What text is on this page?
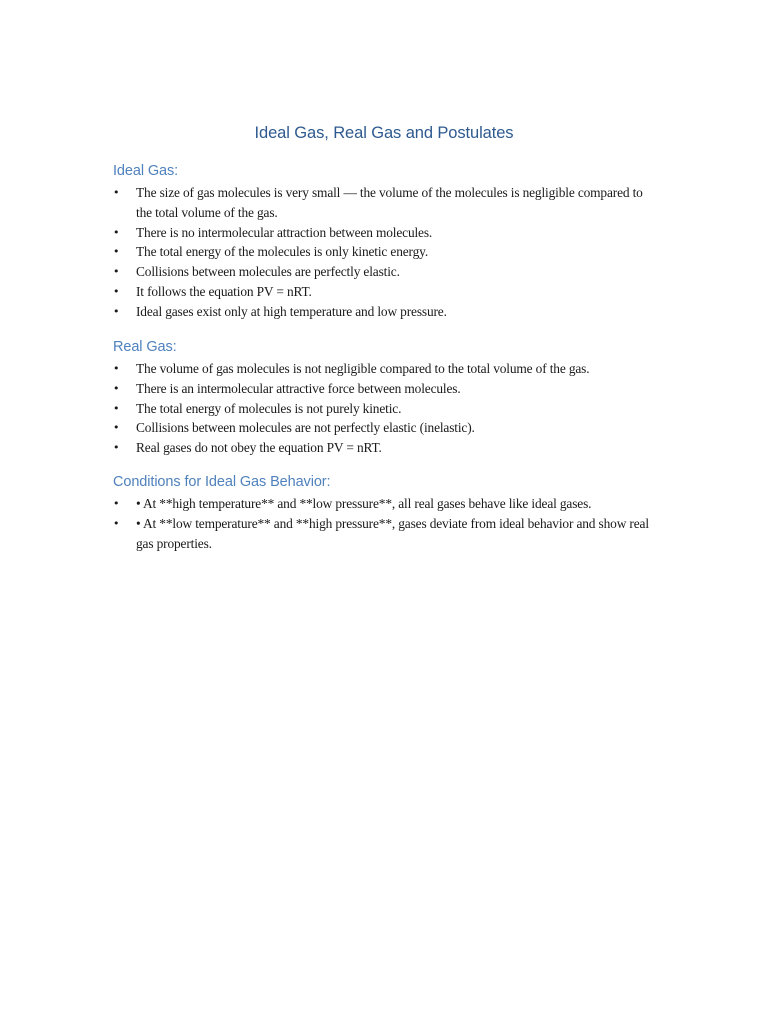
Ideal Gas, Real Gas and Postulates
Ideal Gas:
• The size of gas molecules is very small — the volume of the molecules is negligible compared to the total volume of the gas.
• There is no intermolecular attraction between molecules.
• The total energy of the molecules is only kinetic energy.
• Collisions between molecules are perfectly elastic.
• It follows the equation PV = nRT.
• Ideal gases exist only at high temperature and low pressure.
Real Gas:
• The volume of gas molecules is not negligible compared to the total volume of the gas.
• There is an intermolecular attractive force between molecules.
• The total energy of molecules is not purely kinetic.
• Collisions between molecules are not perfectly elastic (inelastic).
• Real gases do not obey the equation PV = nRT.
Conditions for Ideal Gas Behavior:
• • At **high temperature** and **low pressure**, all real gases behave like ideal gases.
• • At **low temperature** and **high pressure**, gases deviate from ideal behavior and show real gas properties.
